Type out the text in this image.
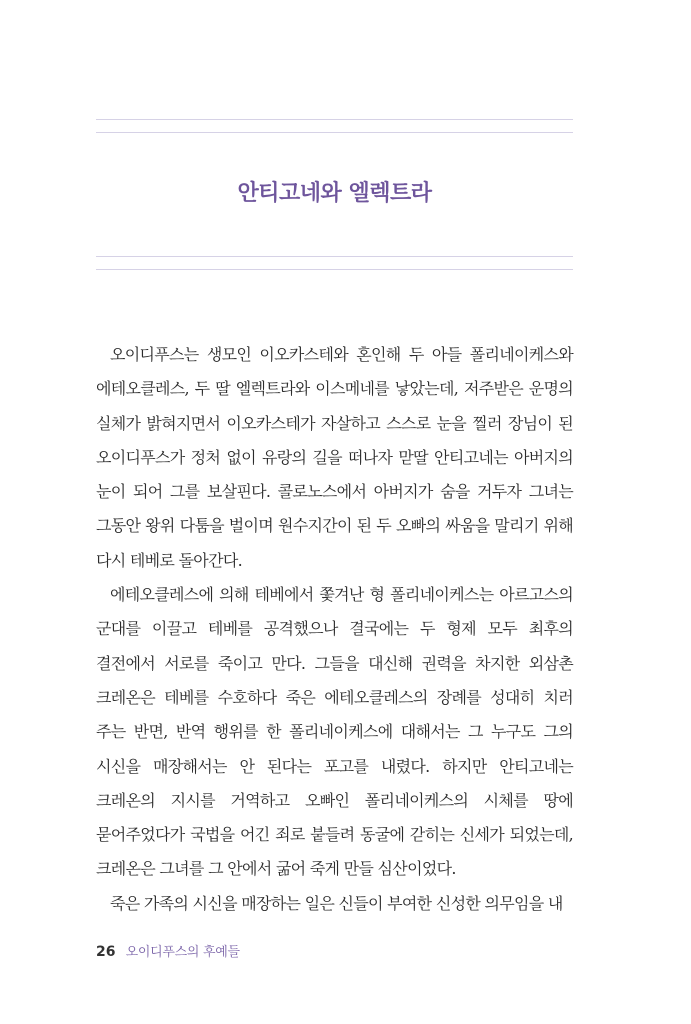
안티고네와 엘렉트라

오이디푸스는 생모인 이오카스테와 혼인해 두 아들 폴리네이케스와 에테오클레스, 두 딸 엘렉트라와 이스메네를 낳았는데, 저주받은 운명의 실체가 밝혀지면서 이오카스테가 자살하고 스스로 눈을 찔러 장님이 된 오이디푸스가 정처 없이 유랑의 길을 떠나자 맏딸 안티고네는 아버지의 눈이 되어 그를 보살핀다. 콜로노스에서 아버지가 숨을 거두자 그녀는 그동안 왕위 다툼을 벌이며 원수지간이 된 두 오빠의 싸움을 말리기 위해 다시 테베로 돌아간다.

에테오클레스에 의해 테베에서 쫓겨난 형 폴리네이케스는 아르고스의 군대를 이끌고 테베를 공격했으나 결국에는 두 형제 모두 최후의 결전에서 서로를 죽이고 만다. 그들을 대신해 권력을 차지한 외삼촌 크레온은 테베를 수호하다 죽은 에테오클레스의 장례를 성대히 치러 주는 반면, 반역 행위를 한 폴리네이케스에 대해서는 그 누구도 그의 시신을 매장해서는 안 된다는 포고를 내렸다. 하지만 안티고네는 크레온의 지시를 거역하고 오빠인 폴리네이케스의 시체를 땅에 묻어주었다가 국법을 어긴 죄로 붙들려 동굴에 갇히는 신세가 되었는데, 크레온은 그녀를 그 안에서 굶어 죽게 만들 심산이었다.

죽은 가족의 시신을 매장하는 일은 신들이 부여한 신성한 의무임을 내

26 오이디푸스의 후예들
